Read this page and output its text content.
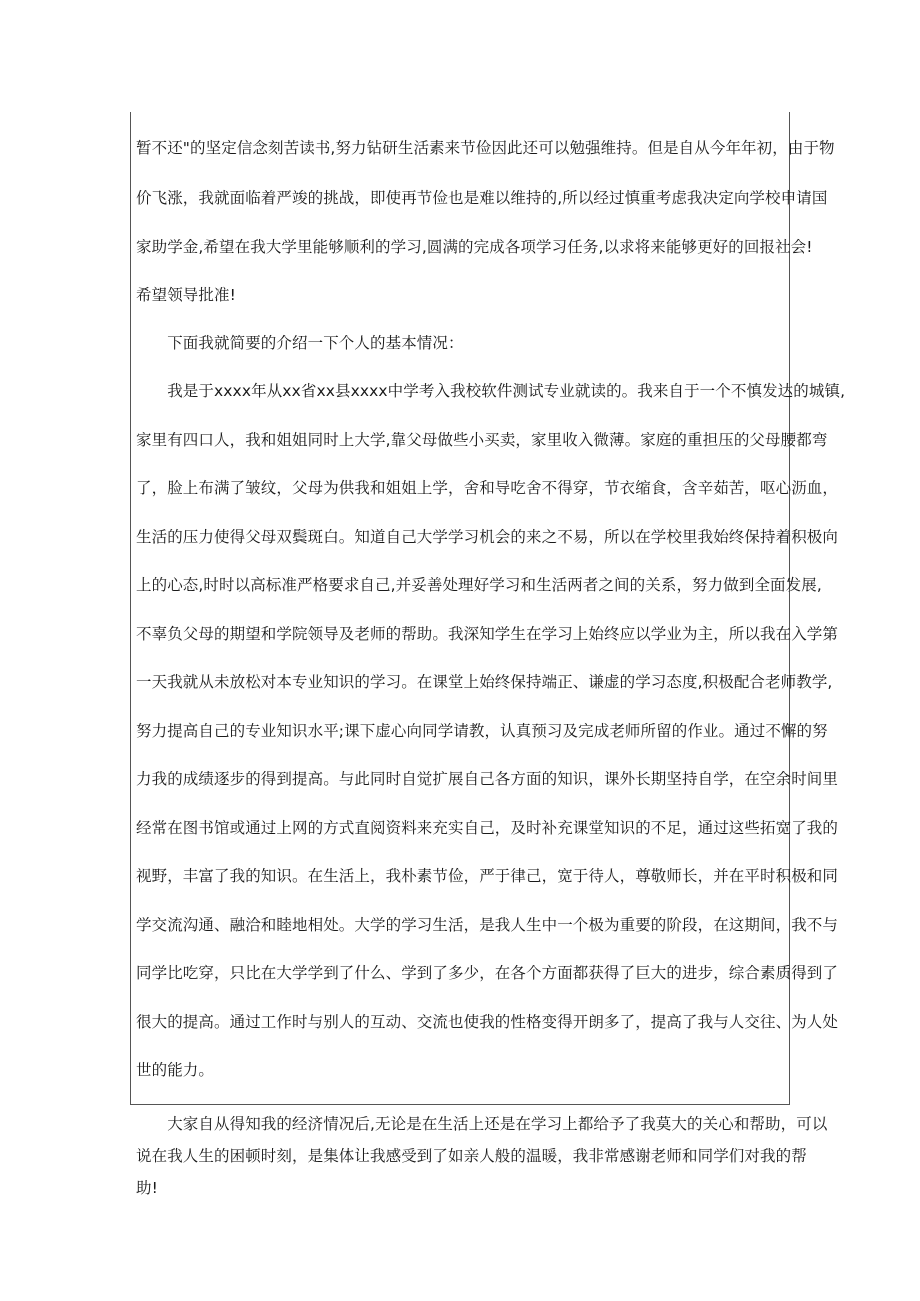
暂不还"的坚定信念刻苦读书,努力钻研生活素来节俭因此还可以勉强维持。但是自从今年年初，由于物
价飞涨，我就面临着严竣的挑战，即使再节俭也是难以维持的,所以经过慎重考虑我决定向学校申请国
家助学金,希望在我大学里能够顺利的学习,圆满的完成各项学习任务,以求将来能够更好的回报社会!
希望领导批准!
　　下面我就简要的介绍一下个人的基本情况：
　　我是于xxxx年从xx省xx县xxxx中学考入我校软件测试专业就读的。我来自于一个不慎发达的城镇,
家里有四口人，我和姐姐同时上大学,靠父母做些小买卖，家里收入微薄。家庭的重担压的父母腰都弯
了，脸上布满了皱纹，父母为供我和姐姐上学，舍和导吃舍不得穿，节衣缩食，含辛茹苦，呕心沥血，
生活的压力使得父母双鬓斑白。知道自己大学学习机会的来之不易，所以在学校里我始终保持着积极向
上的心态,时时以高标准严格要求自己,并妥善处理好学习和生活两者之间的关系，努力做到全面发展,
不辜负父母的期望和学院领导及老师的帮助。我深知学生在学习上始终应以学业为主，所以我在入学第
一天我就从未放松对本专业知识的学习。在课堂上始终保持端正、谦虚的学习态度,积极配合老师教学,
努力提高自己的专业知识水平;课下虚心向同学请教，认真预习及完成老师所留的作业。通过不懈的努
力我的成绩逐步的得到提高。与此同时自觉扩展自己各方面的知识，课外长期坚持自学，在空余时间里
经常在图书馆或通过上网的方式直阅资料来充实自己，及时补充课堂知识的不足，通过这些拓宽了我的
视野，丰富了我的知识。在生活上，我朴素节俭，严于律己，宽于待人，尊敬师长，并在平时积极和同
学交流沟通、融洽和睦地相处。大学的学习生活，是我人生中一个极为重要的阶段，在这期间，我不与
同学比吃穿，只比在大学学到了什么、学到了多少，在各个方面都获得了巨大的进步，综合素质得到了
很大的提高。通过工作时与别人的互动、交流也使我的性格变得开朗多了，提高了我与人交往、为人处
世的能力。
　　大家自从得知我的经济情况后,无论是在生活上还是在学习上都给予了我莫大的关心和帮助，可以
说在我人生的困顿时刻，是集体让我感受到了如亲人般的温暖，我非常感谢老师和同学们对我的帮
助!
